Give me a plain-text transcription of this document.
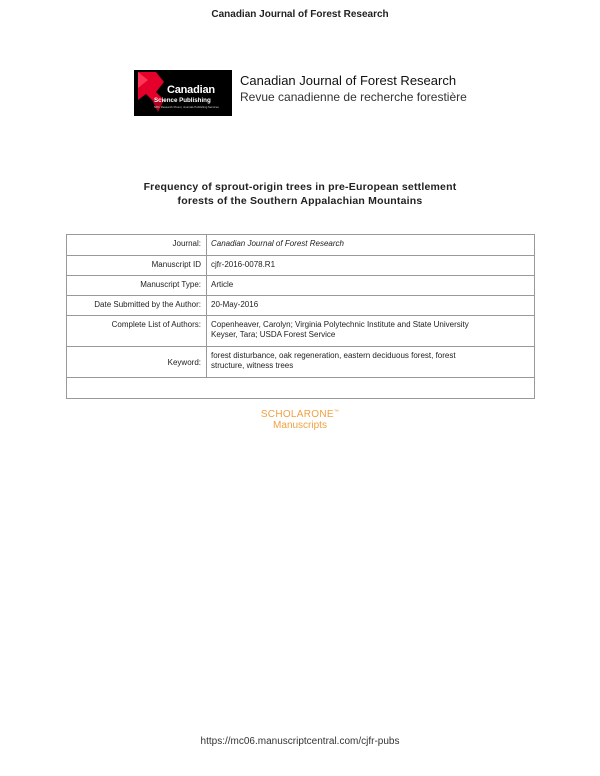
Canadian Journal of Forest Research
Canadian
Science Publishing
NRC Research Press | Journals Publishing Services
Canadian Journal of Forest Research
Revue canadienne de recherche forestière
Frequency of sprout-origin trees in pre-European settlement
forests of the Southern Appalachian Mountains
Journal:	Canadian Journal of Forest Research
Manuscript ID	cjfr-2016-0078.R1
Manuscript Type:	Article
Date Submitted by the Author:	20-May-2016
Complete List of Authors:	Copenheaver, Carolyn; Virginia Polytechnic Institute and State University
Keyser, Tara; USDA Forest Service

Keyword:	forest disturbance, oak regeneration, eastern deciduous forest, forest
structure, witness trees

SCHOLARONE™
Manuscripts
https://mc06.manuscriptcentral.com/cjfr-pubs
